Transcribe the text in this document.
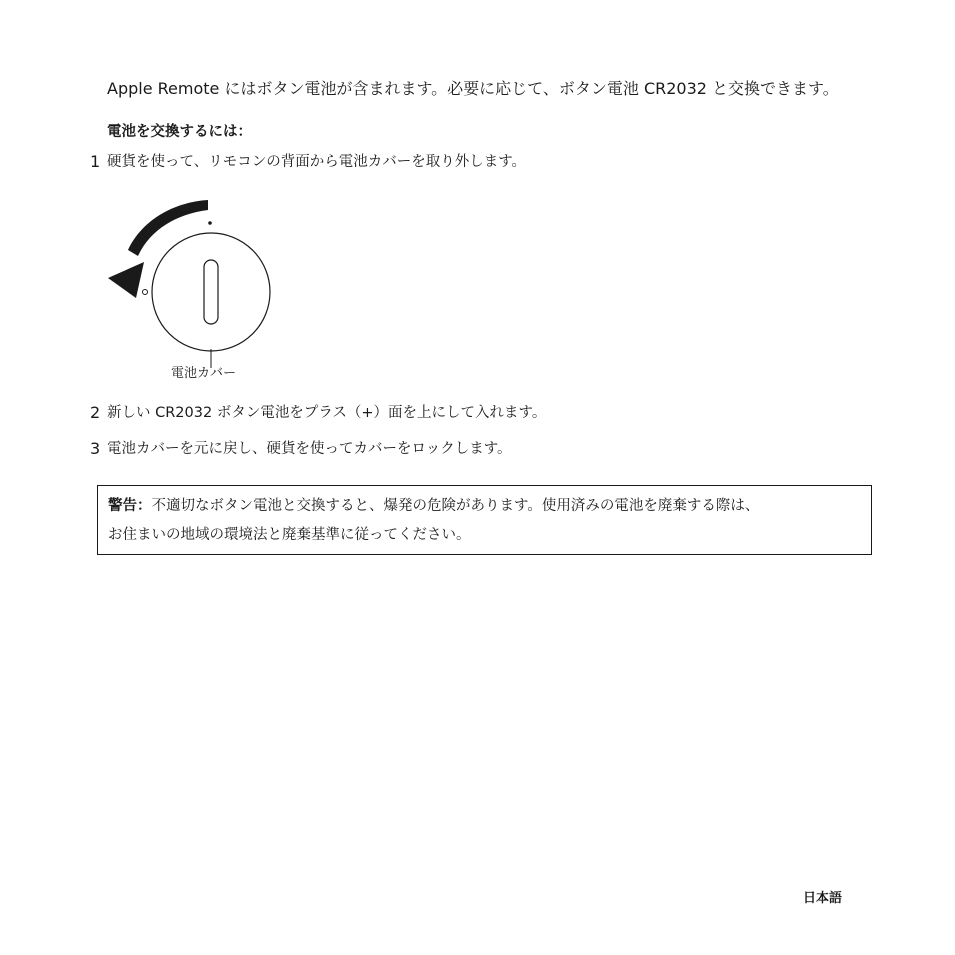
Apple Remote にはボタン電池が含まれます。必要に応じて、ボタン電池 CR2032 と交換できます。
電池を交換するには：
1 硬貨を使って、リモコンの背面から電池カバーを取り外します。
電池カバー
2 新しい CR2032 ボタン電池をプラス（+）面を上にして入れます。
3 電池カバーを元に戻し、硬貨を使ってカバーをロックします。
警告：不適切なボタン電池と交換すると、爆発の危険があります。使用済みの電池を廃棄する際は、
お住まいの地域の環境法と廃棄基準に従ってください。
日本語
